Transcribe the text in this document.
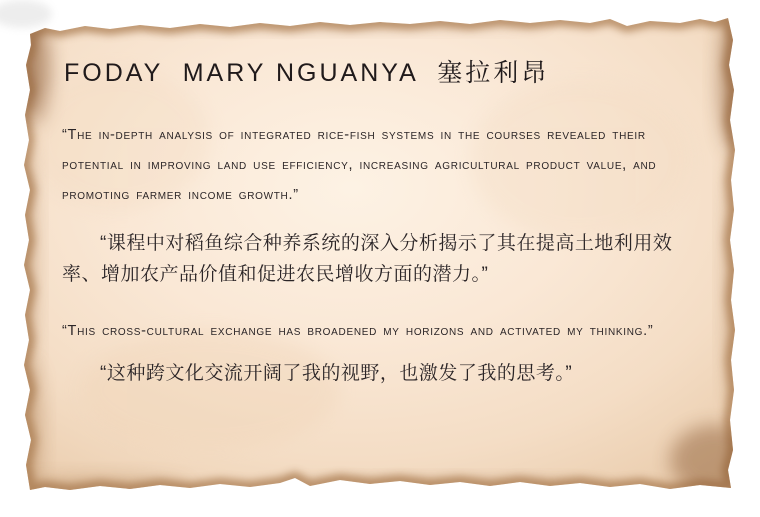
FODAY  MARY NGUANYA  塞拉利昂

“The in-depth analysis of integrated rice-fish systems in the courses revealed their potential in improving land use efficiency, increasing agricultural product value, and promoting farmer income growth.”

“课程中对稻鱼综合种养系统的深入分析揭示了其在提高土地利用效率、增加农产品价值和促进农民增收方面的潜力。”

“This cross-cultural exchange has broadened my horizons and activated my thinking.”

“这种跨文化交流开阔了我的视野，也激发了我的思考。”
